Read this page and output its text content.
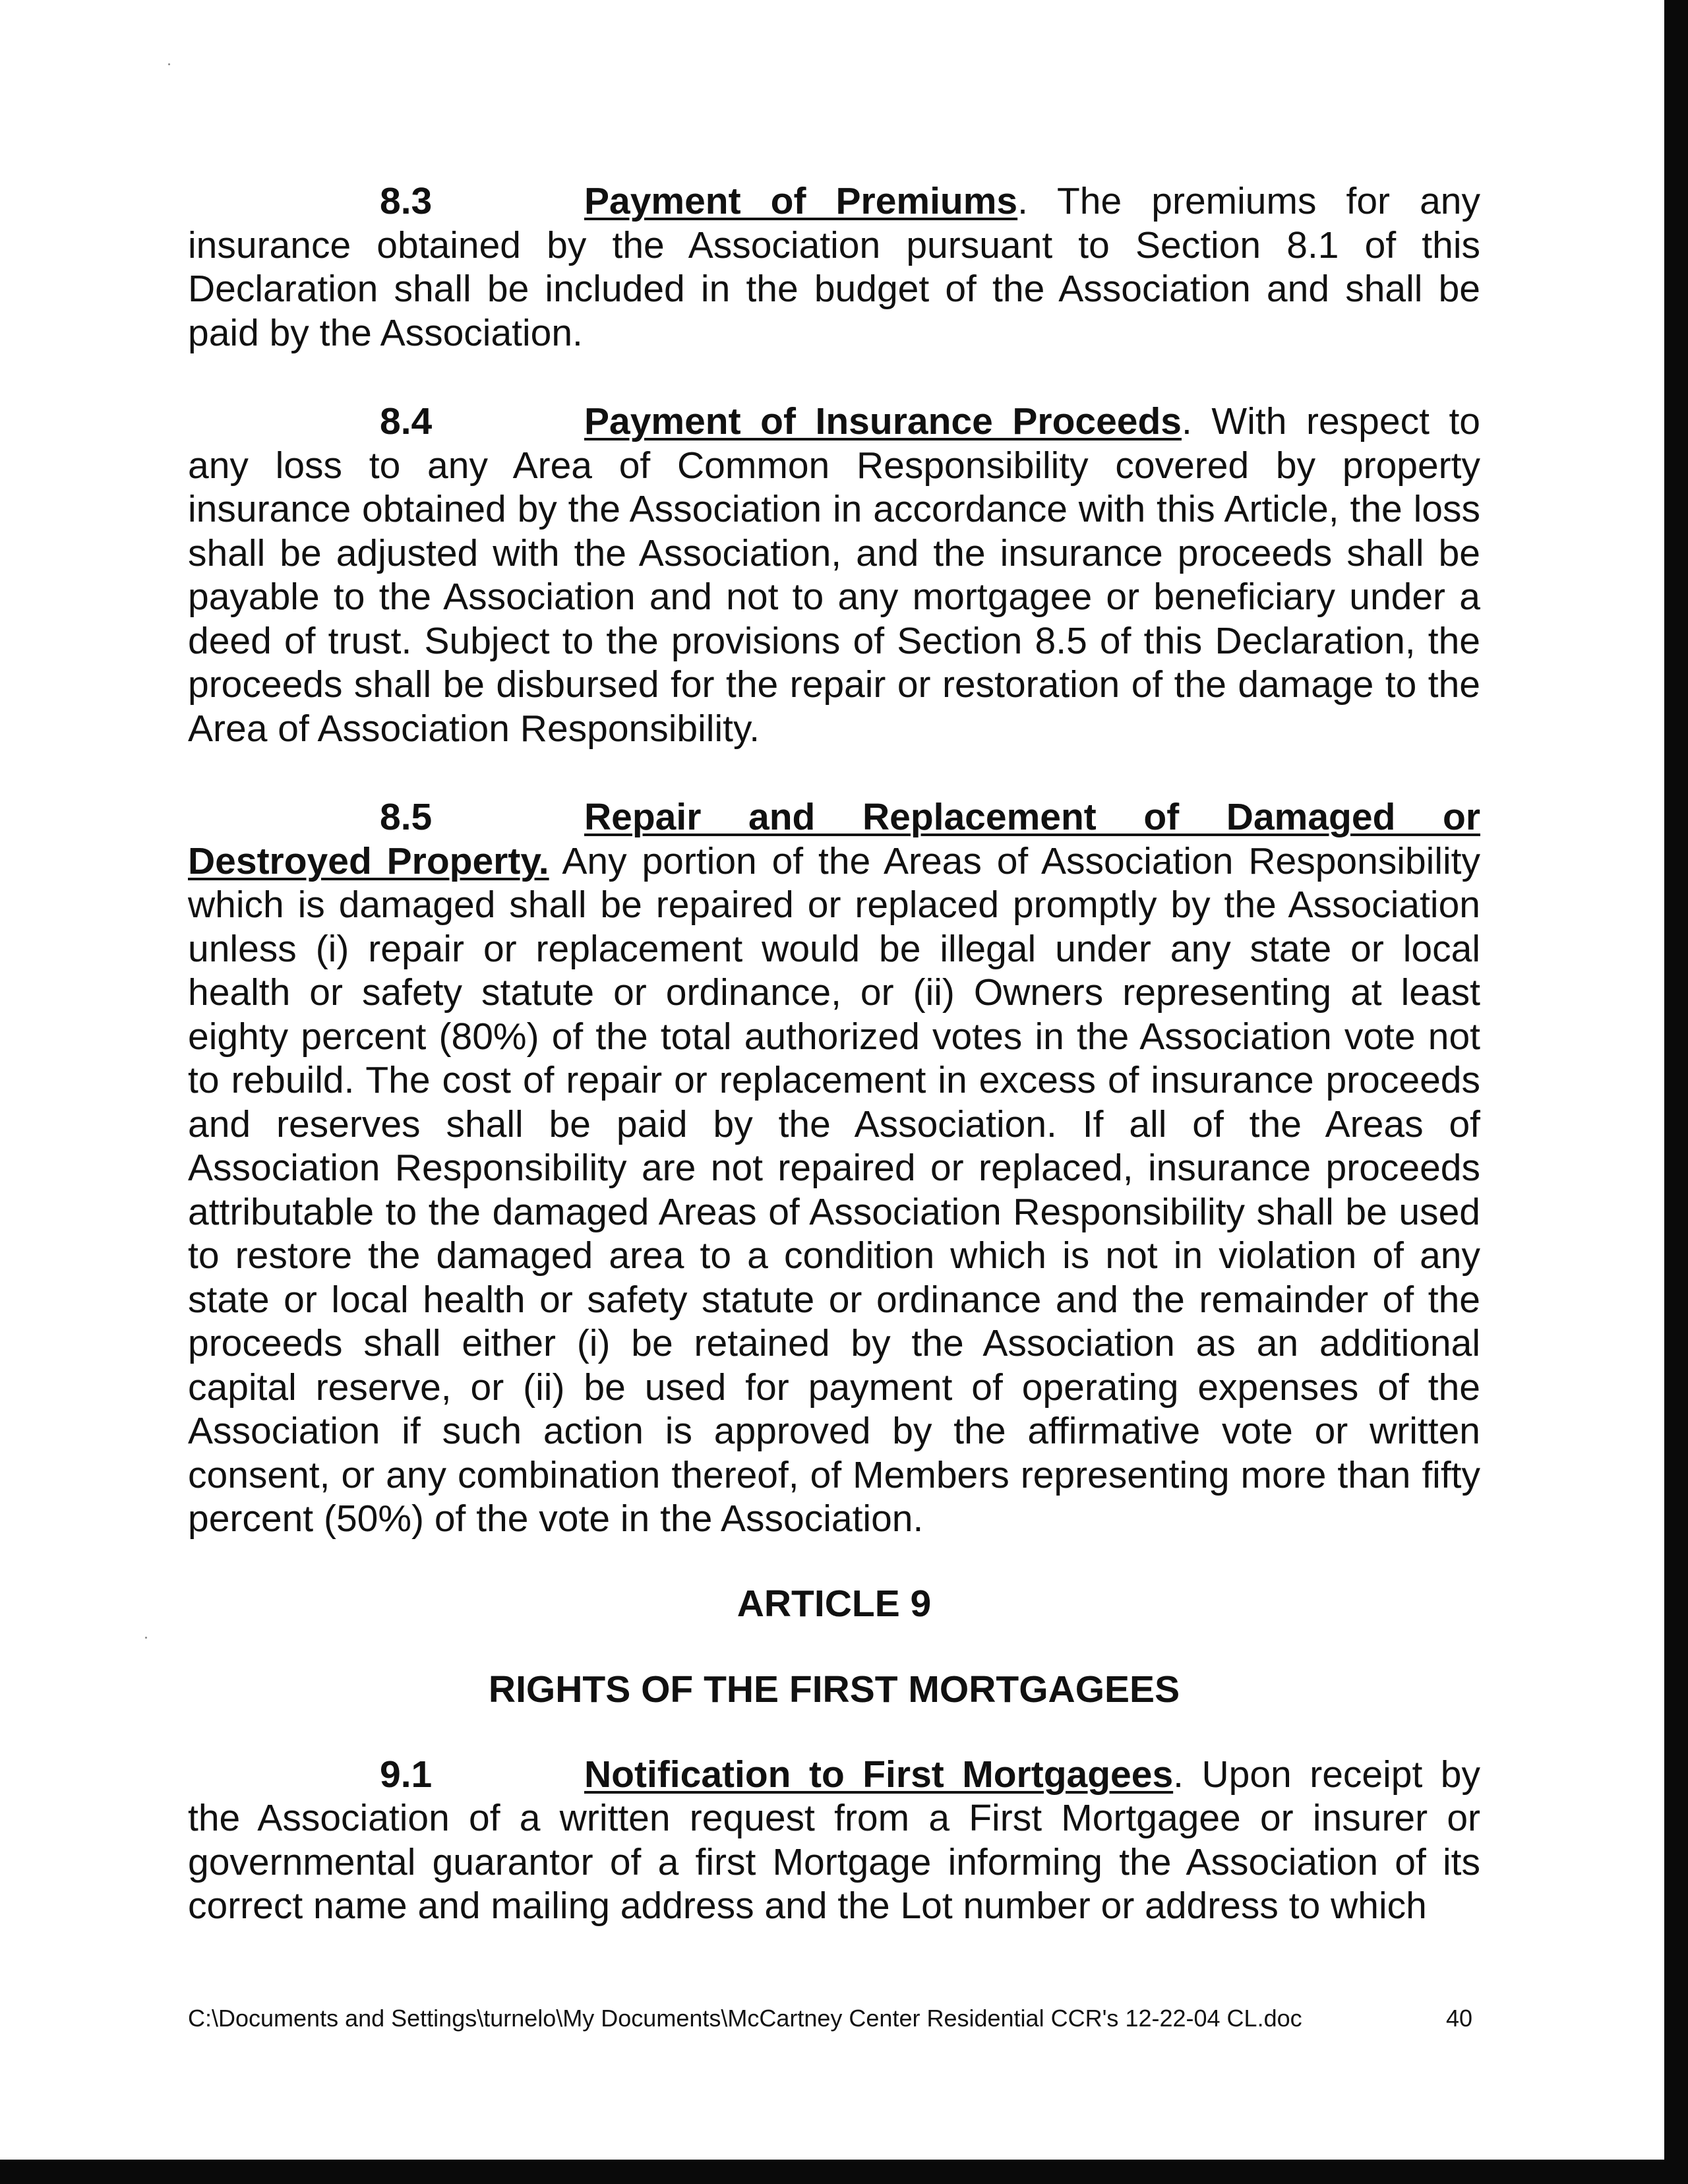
8.3	Payment of Premiums. The premiums for any insurance obtained by the Association pursuant to Section 8.1 of this Declaration shall be included in the budget of the Association and shall be paid by the Association.

8.4	Payment of Insurance Proceeds. With respect to any loss to any Area of Common Responsibility covered by property insurance obtained by the Association in accordance with this Article, the loss shall be adjusted with the Association, and the insurance proceeds shall be payable to the Association and not to any mortgagee or beneficiary under a deed of trust. Subject to the provisions of Section 8.5 of this Declaration, the proceeds shall be disbursed for the repair or restoration of the damage to the Area of Association Responsibility.

8.5	Repair and Replacement of Damaged or Destroyed Property. Any portion of the Areas of Association Responsibility which is damaged shall be repaired or replaced promptly by the Association unless (i) repair or replacement would be illegal under any state or local health or safety statute or ordinance, or (ii) Owners representing at least eighty percent (80%) of the total authorized votes in the Association vote not to rebuild. The cost of repair or replacement in excess of insurance proceeds and reserves shall be paid by the Association. If all of the Areas of Association Responsibility are not repaired or replaced, insurance proceeds attributable to the damaged Areas of Association Responsibility shall be used to restore the damaged area to a condition which is not in violation of any state or local health or safety statute or ordinance and the remainder of the proceeds shall either (i) be retained by the Association as an additional capital reserve, or (ii) be used for payment of operating expenses of the Association if such action is approved by the affirmative vote or written consent, or any combination thereof, of Members representing more than fifty percent (50%) of the vote in the Association.

ARTICLE 9

RIGHTS OF THE FIRST MORTGAGEES

9.1	Notification to First Mortgagees. Upon receipt by the Association of a written request from a First Mortgagee or insurer or governmental guarantor of a first Mortgage informing the Association of its correct name and mailing address and the Lot number or address to which

C:\Documents and Settings\turnelo\My Documents\McCartney Center Residential CCR's 12-22-04 CL.doc	40
